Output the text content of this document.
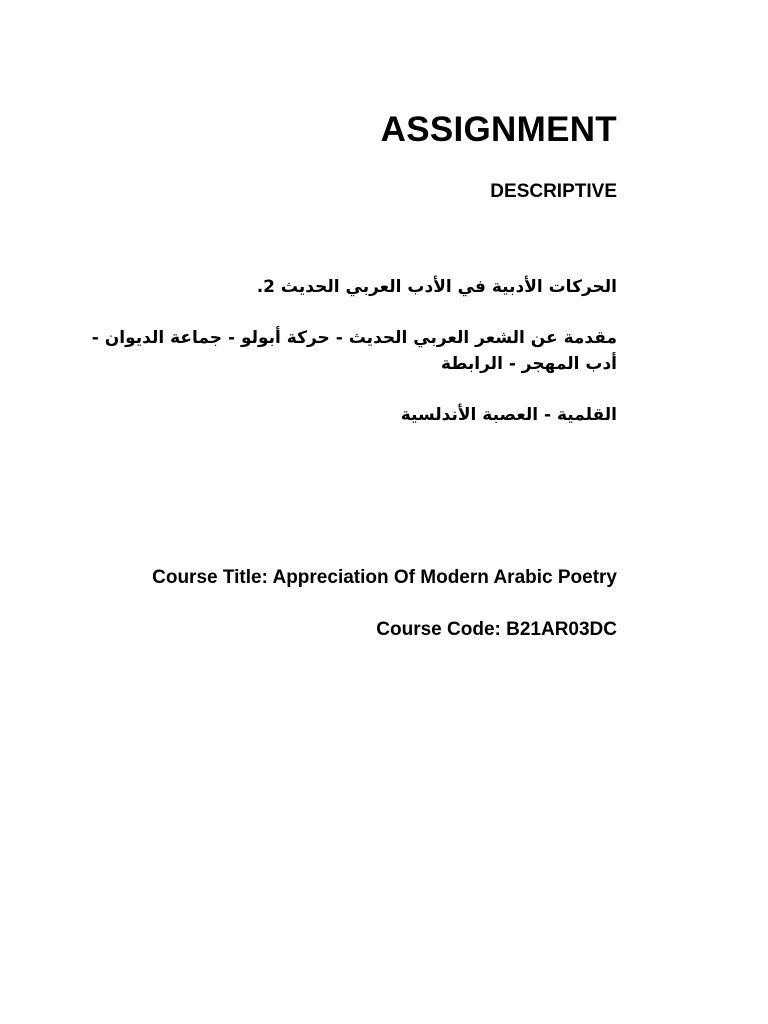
ASSIGNMENT
DESCRIPTIVE

الحركات الأدبية في الأدب العربي الحديث 2.

مقدمة عن الشعر العربي الحديث - حركة أبولو - جماعة الديوان - أدب المهجر - الرابطة

القلمية - العصبة الأندلسية

Course Title: Appreciation Of Modern Arabic Poetry

Course Code: B21AR03DC
